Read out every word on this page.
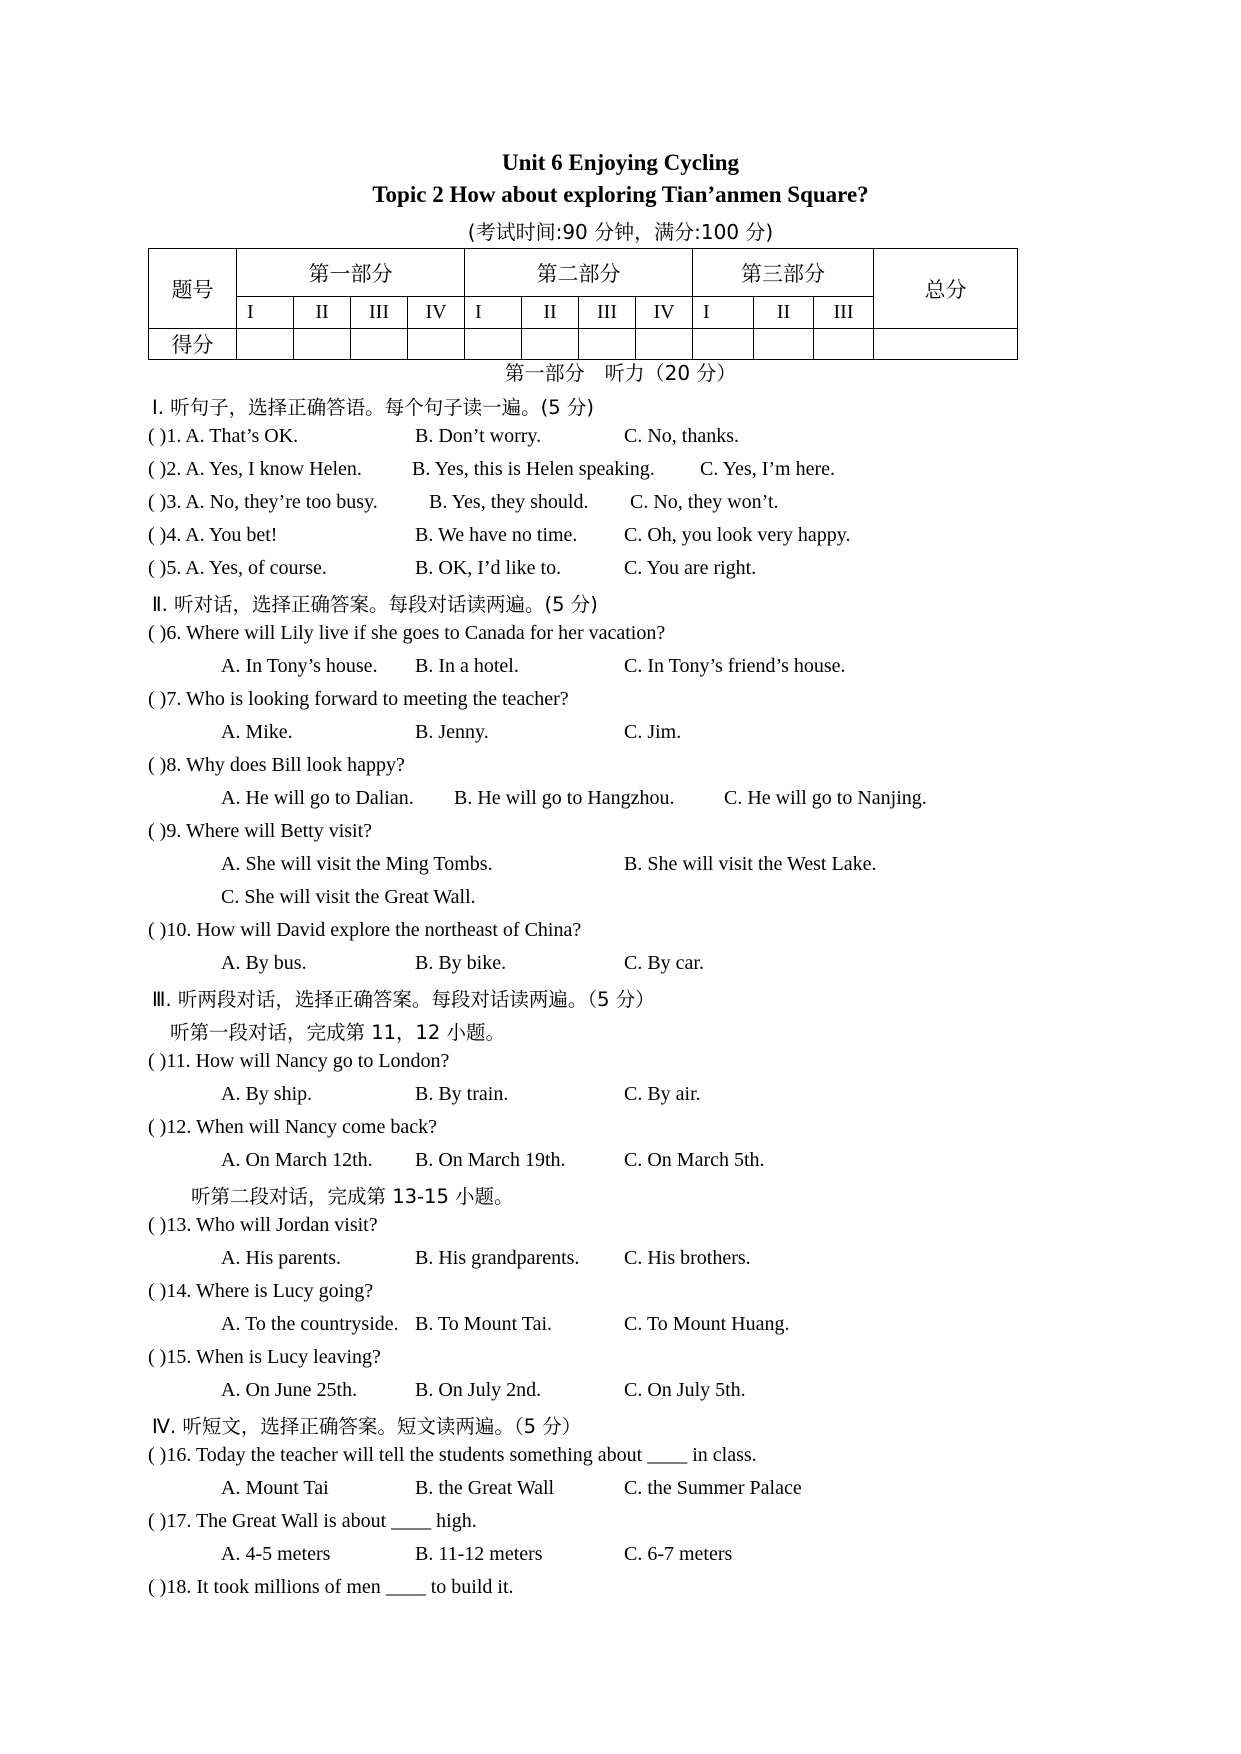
Unit 6 Enjoying Cycling
Topic 2 How about exploring Tian’anmen Square?
(考试时间:90 分钟，满分:100 分)
题号	第一部分				第二部分				第三部分			总分
	I	II	III	IV	I	II	III	IV	I	II	III	
得分												
第一部分　听力（20 分）
Ⅰ. 听句子，选择正确答语。每个句子读一遍。(5 分)
( )1. A. That’s OK.	B. Don’t worry.	C. No, thanks.
( )2. A. Yes, I know Helen.	B. Yes, this is Helen speaking. C. Yes, I’m here.
( )3. A. No, they’re too busy.	B. Yes, they should. C. No, they won’t.
( )4. A. You bet!	B. We have no time. C. Oh, you look very happy.
( )5. A. Yes, of course.	B. OK, I’d like to.	C. You are right.
Ⅱ. 听对话，选择正确答案。每段对话读两遍。(5 分)
( )6. Where will Lily live if she goes to Canada for her vacation?
A. In Tony’s house. B. In a hotel.	C. In Tony’s friend’s house.
( )7. Who is looking forward to meeting the teacher?
A. Mike.	B. Jenny.	C. Jim.
( )8. Why does Bill look happy?
A. He will go to Dalian. B. He will go to Hangzhou. C. He will go to Nanjing.
( )9. Where will Betty visit?
A. She will visit the Ming Tombs.	B. She will visit the West Lake.
C. She will visit the Great Wall.
( )10. How will David explore the northeast of China?
A. By bus.	B. By bike.	C. By car.
Ⅲ. 听两段对话，选择正确答案。每段对话读两遍。（5 分）
听第一段对话，完成第 11，12 小题。
( )11. How will Nancy go to London?
A. By ship.	B. By train.	C. By air.
( )12. When will Nancy come back?
A. On March 12th. B. On March 19th.	C. On March 5th.
听第二段对话，完成第 13-15 小题。
( )13. Who will Jordan visit?
A. His parents.	B. His grandparents. C. His brothers.
( )14. Where is Lucy going?
A. To the countryside. B. To Mount Tai.	C. To Mount Huang.
( )15. When is Lucy leaving?
A. On June 25th.	B. On July 2nd.	C. On July 5th.
Ⅳ. 听短文，选择正确答案。短文读两遍。（5 分）
( )16. Today the teacher will tell the students something about ____ in class.
A. Mount Tai	B. the Great Wall	C. the Summer Palace
( )17. The Great Wall is about ____ high.
A. 4-5 meters	B. 11-12 meters	C. 6-7 meters
( )18. It took millions of men ____ to build it.
